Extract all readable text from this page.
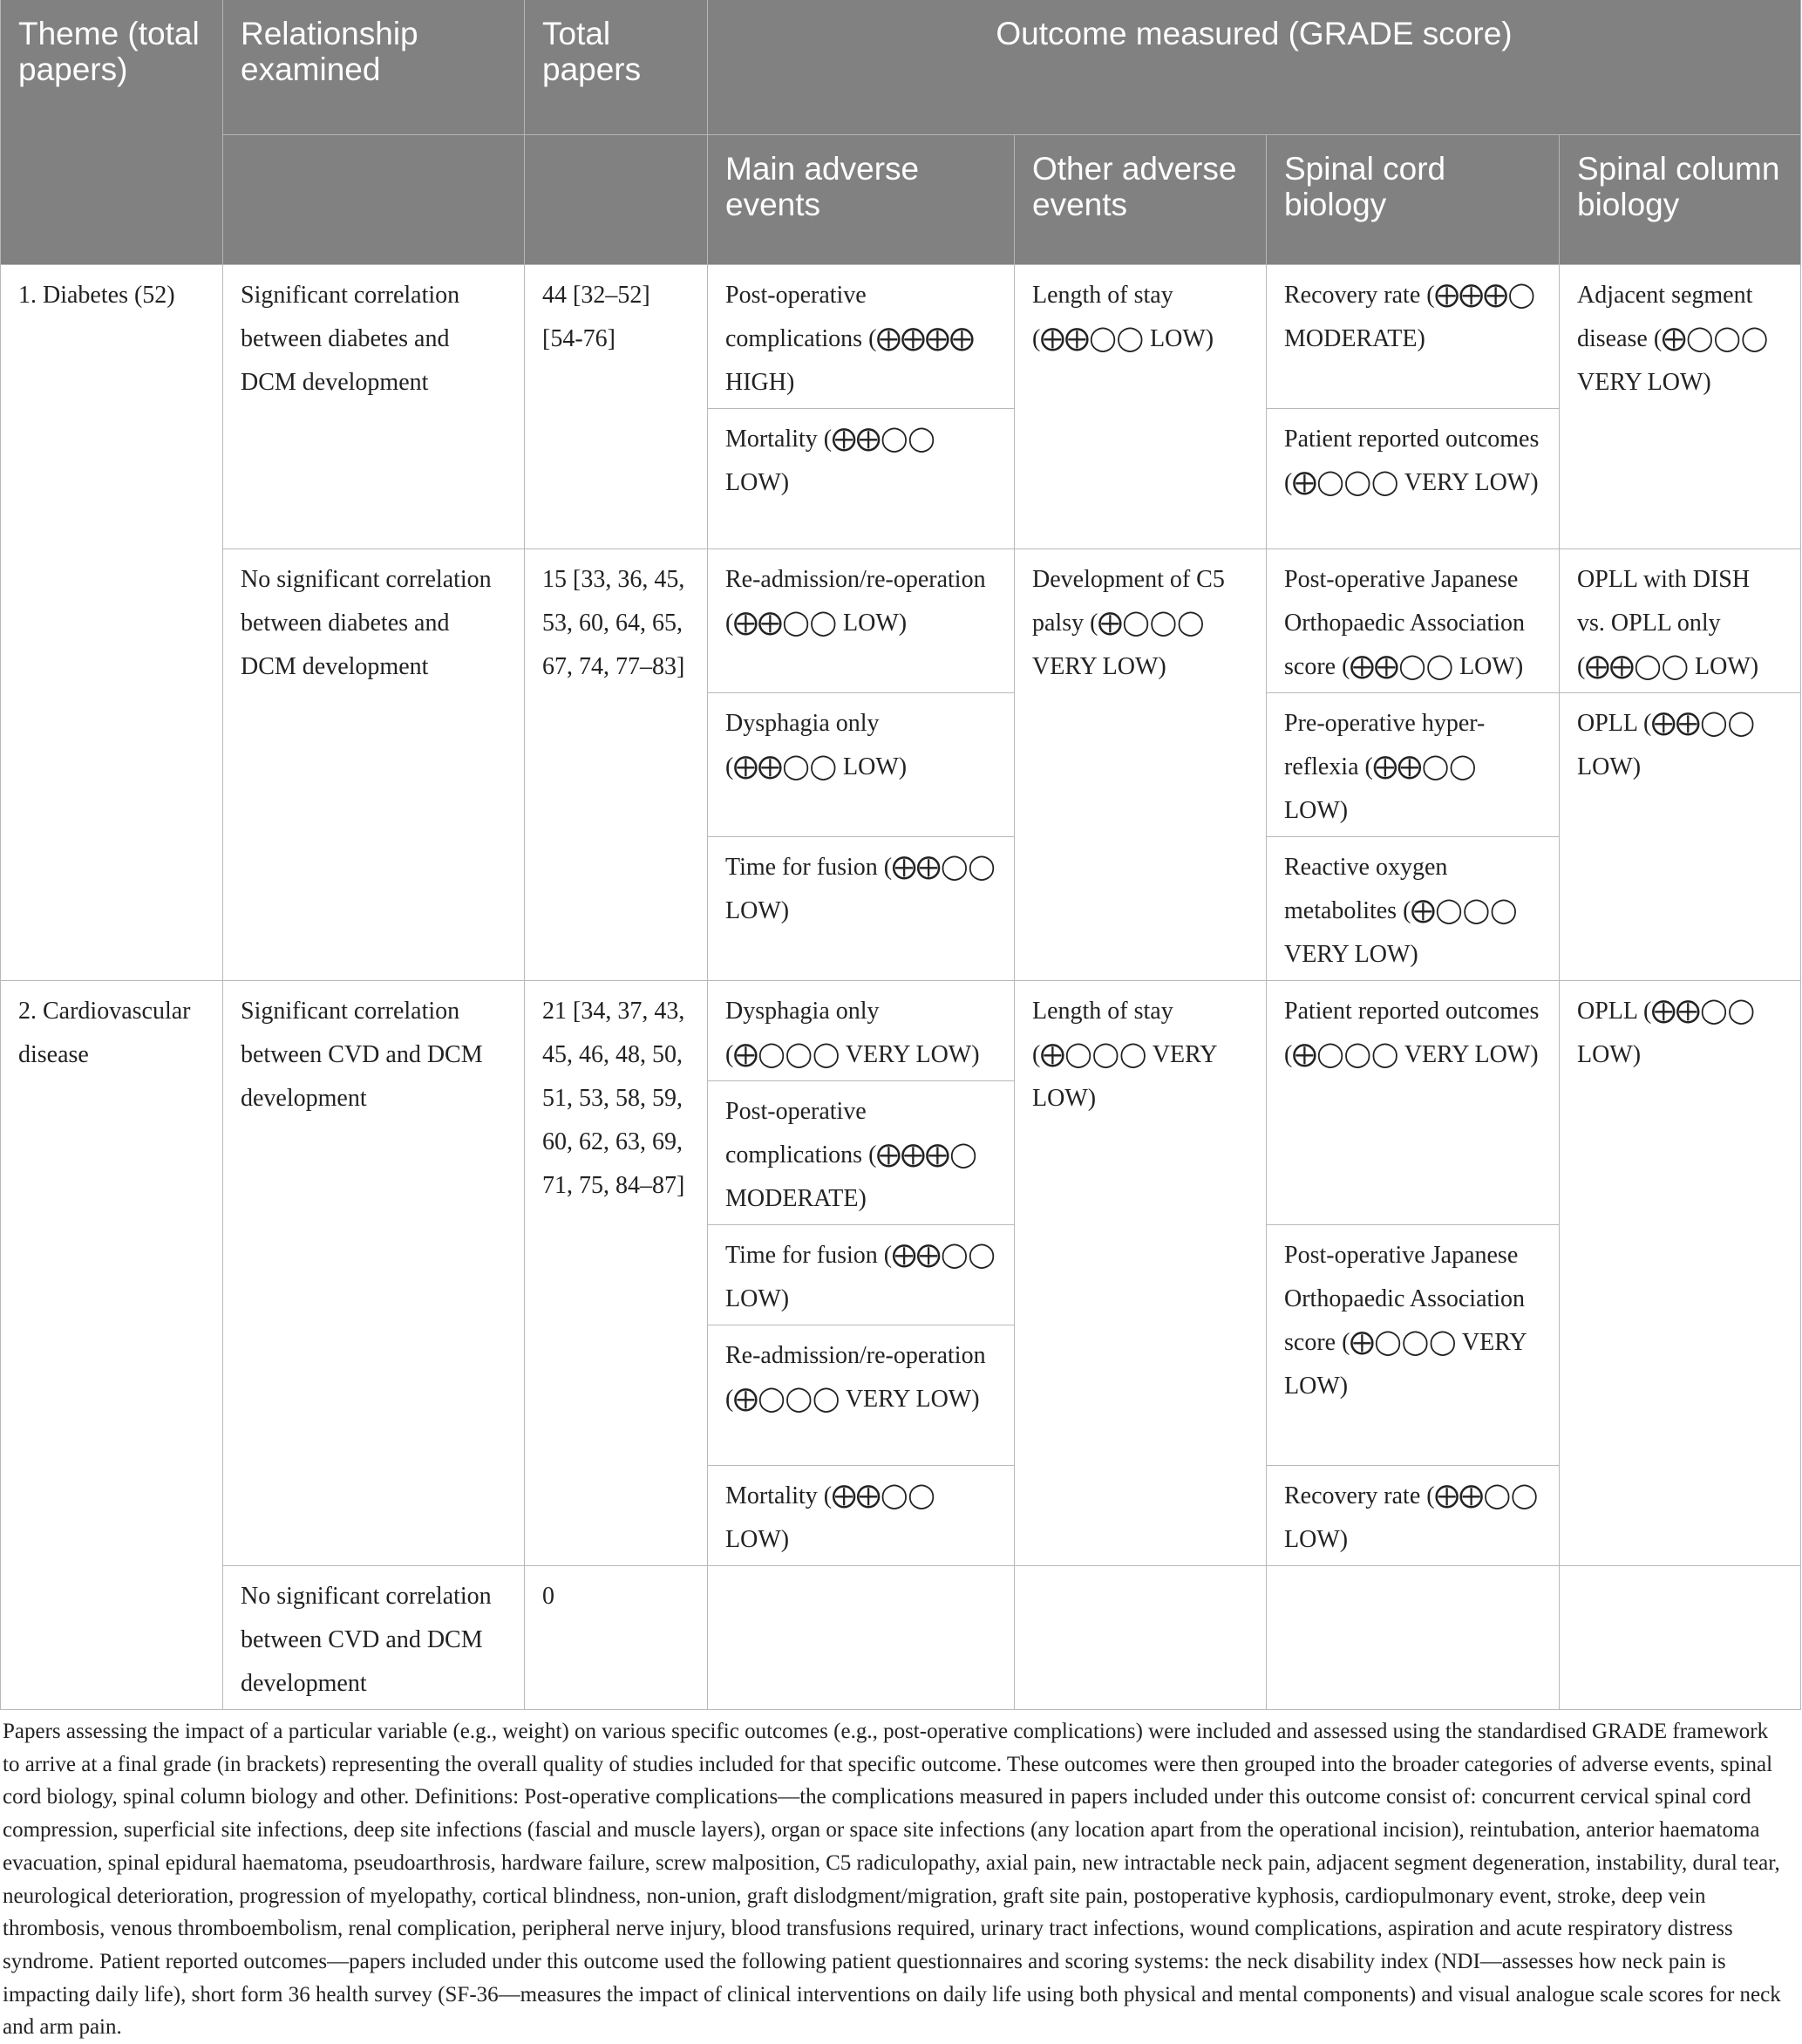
Theme (total papers)	Relationship examined	Total papers	Outcome measured (GRADE score)			
			Main adverse events	Other adverse events	Spinal cord biology	Spinal column biology
1. Diabetes (52)	Significant correlation between diabetes and DCM development	44 [32–52] [54-76]	Post-operative complications (⨁⨁⨁⨁ HIGH)	Length of stay (⨁⨁◯◯ LOW)	Recovery rate (⨁⨁⨁◯ MODERATE)	Adjacent segment disease (⨁◯◯◯ VERY LOW)
			Mortality (⨁⨁◯◯ LOW)		Patient reported outcomes (⨁◯◯◯ VERY LOW)	
	No significant correlation between diabetes and DCM development	15 [33, 36, 45, 53, 60, 64, 65, 67, 74, 77–83]	Re-admission/re-operation (⨁⨁◯◯ LOW)	Development of C5 palsy (⨁◯◯◯ VERY LOW)	Post-operative Japanese Orthopaedic Association score (⨁⨁◯◯ LOW)	OPLL with DISH vs. OPLL only (⨁⨁◯◯ LOW)
			Dysphagia only (⨁⨁◯◯ LOW)		Pre-operative hyper-reflexia (⨁⨁◯◯ LOW)	OPLL (⨁⨁◯◯ LOW)

			Time for fusion (⨁⨁◯◯ LOW)		Reactive oxygen metabolites (⨁◯◯◯ VERY LOW)	
2. Cardiovascular disease	Significant correlation between CVD and DCM development	21 [34, 37, 43, 45, 46, 48, 50, 51, 53, 58, 59, 60, 62, 63, 69, 71, 75, 84–87]	Dysphagia only (⨁◯◯◯ VERY LOW)	Length of stay (⨁◯◯◯ VERY LOW)	Patient reported outcomes (⨁◯◯◯ VERY LOW)	OPLL (⨁⨁◯◯ LOW)
			Post-operative complications (⨁⨁⨁◯ MODERATE)			
			Time for fusion (⨁⨁◯◯ LOW)		Post-operative Japanese Orthopaedic Association score (⨁◯◯◯ VERY LOW)	
			Re-admission/re-operation (⨁◯◯◯ VERY LOW)			
			Mortality (⨁⨁◯◯ LOW)		Recovery rate (⨁⨁◯◯ LOW)	

	No significant correlation between CVD and DCM development	0				

Papers assessing the impact of a particular variable (e.g., weight) on various specific outcomes (e.g., post-operative complications) were included and assessed using the standardised GRADE framework to arrive at a final grade (in brackets) representing the overall quality of studies included for that specific outcome. These outcomes were then grouped into the broader categories of adverse events, spinal cord biology, spinal column biology and other. Definitions: Post-operative complications—the complications measured in papers included under this outcome consist of: concurrent cervical spinal cord compression, superficial site infections, deep site infections (fascial and muscle layers), organ or space site infections (any location apart from the operational incision), reintubation, anterior haematoma evacuation, spinal epidural haematoma, pseudoarthrosis, hardware failure, screw malposition, C5 radiculopathy, axial pain, new intractable neck pain, adjacent segment degeneration, instability, dural tear, neurological deterioration, progression of myelopathy, cortical blindness, non-union, graft dislodgment/migration, graft site pain, postoperative kyphosis, cardiopulmonary event, stroke, deep vein thrombosis, venous thromboembolism, renal complication, peripheral nerve injury, blood transfusions required, urinary tract infections, wound complications, aspiration and acute respiratory distress syndrome. Patient reported outcomes—papers included under this outcome used the following patient questionnaires and scoring systems: the neck disability index (NDI—assesses how neck pain is impacting daily life), short form 36 health survey (SF-36—measures the impact of clinical interventions on daily life using both physical and mental components) and visual analogue scale scores for neck and arm pain.
